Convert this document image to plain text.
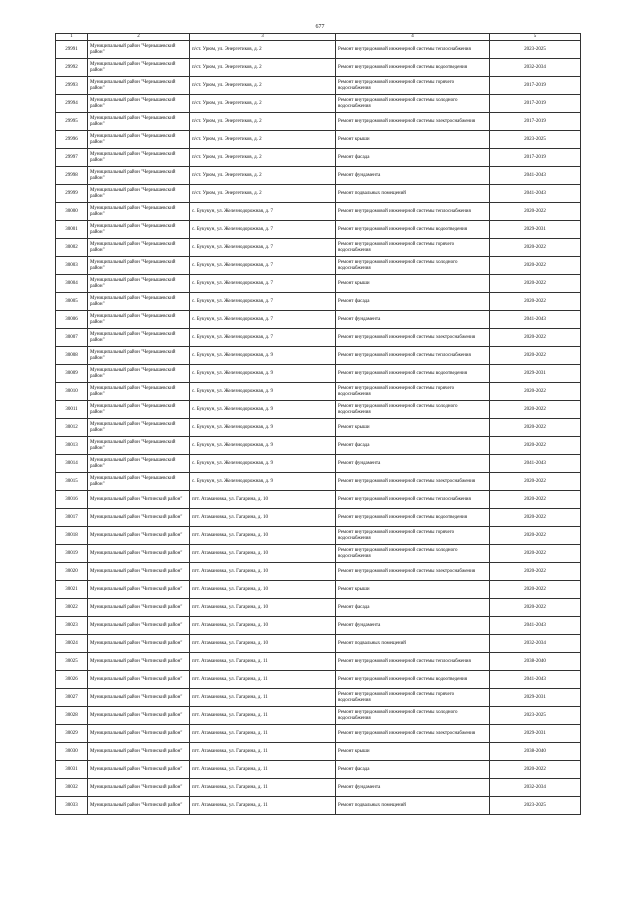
677
1	2	3	4	5
29991	Муниципальный район "Чернышевский район"	п/ст. Урюм, ул. Энергетиков, д. 2	Ремонт внутридомовой инженерной системы теплоснабжения	2023-2025
29992	Муниципальный район "Чернышевский район"	п/ст. Урюм, ул. Энергетиков, д. 2	Ремонт внутридомовой инженерной системы водоотведения	2032-2034
29993	Муниципальный район "Чернышевский район"	п/ст. Урюм, ул. Энергетиков, д. 2	Ремонт внутридомовой инженерной системы горячего водоснабжения	2017-2019
29994	Муниципальный район "Чернышевский район"	п/ст. Урюм, ул. Энергетиков, д. 2	Ремонт внутридомовой инженерной системы холодного водоснабжения	2017-2019
29995	Муниципальный район "Чернышевский район"	п/ст. Урюм, ул. Энергетиков, д. 2	Ремонт внутридомовой инженерной системы электроснабжения	2017-2019
29996	Муниципальный район "Чернышевский район"	п/ст. Урюм, ул. Энергетиков, д. 2	Ремонт крыши	2023-2025
29997	Муниципальный район "Чернышевский район"	п/ст. Урюм, ул. Энергетиков, д. 2	Ремонт фасада	2017-2019
29998	Муниципальный район "Чернышевский район"	п/ст. Урюм, ул. Энергетиков, д. 2	Ремонт фундамента	2041-2043
29999	Муниципальный район "Чернышевский район"	п/ст. Урюм, ул. Энергетиков, д. 2	Ремонт подвальных помещений	2041-2043
30000	Муниципальный район "Чернышевский район"	с. Букукун, ул. Железнодорожная, д. 7	Ремонт внутридомовой инженерной системы теплоснабжения	2020-2022
30001	Муниципальный район "Чернышевский район"	с. Букукун, ул. Железнодорожная, д. 7	Ремонт внутридомовой инженерной системы водоотведения	2029-2031
30002	Муниципальный район "Чернышевский район"	с. Букукун, ул. Железнодорожная, д. 7	Ремонт внутридомовой инженерной системы горячего водоснабжения	2020-2022
30003	Муниципальный район "Чернышевский район"	с. Букукун, ул. Железнодорожная, д. 7	Ремонт внутридомовой инженерной системы холодного водоснабжения	2020-2022
30004	Муниципальный район "Чернышевский район"	с. Букукун, ул. Железнодорожная, д. 7	Ремонт крыши	2020-2022
30005	Муниципальный район "Чернышевский район"	с. Букукун, ул. Железнодорожная, д. 7	Ремонт фасада	2020-2022
30006	Муниципальный район "Чернышевский район"	с. Букукун, ул. Железнодорожная, д. 7	Ремонт фундамента	2041-2043
30007	Муниципальный район "Чернышевский район"	с. Букукун, ул. Железнодорожная, д. 7	Ремонт внутридомовой инженерной системы электроснабжения	2020-2022
30008	Муниципальный район "Чернышевский район"	с. Букукун, ул. Железнодорожная, д. 9	Ремонт внутридомовой инженерной системы теплоснабжения	2020-2022
30009	Муниципальный район "Чернышевский район"	с. Букукун, ул. Железнодорожная, д. 9	Ремонт внутридомовой инженерной системы водоотведения	2029-2031
30010	Муниципальный район "Чернышевский район"	с. Букукун, ул. Железнодорожная, д. 9	Ремонт внутридомовой инженерной системы горячего водоснабжения	2020-2022
30011	Муниципальный район "Чернышевский район"	с. Букукун, ул. Железнодорожная, д. 9	Ремонт внутридомовой инженерной системы холодного водоснабжения	2020-2022
30012	Муниципальный район "Чернышевский район"	с. Букукун, ул. Железнодорожная, д. 9	Ремонт крыши	2020-2022
30013	Муниципальный район "Чернышевский район"	с. Букукун, ул. Железнодорожная, д. 9	Ремонт фасада	2020-2022
30014	Муниципальный район "Чернышевский район"	с. Букукун, ул. Железнодорожная, д. 9	Ремонт фундамента	2041-2043
30015	Муниципальный район "Чернышевский район"	с. Букукун, ул. Железнодорожная, д. 9	Ремонт внутридомовой инженерной системы электроснабжения	2020-2022
30016	Муниципальный район "Читинский район"	пгт. Атамановка, ул. Гагарина, д. 10	Ремонт внутридомовой инженерной системы теплоснабжения	2020-2022
30017	Муниципальный район "Читинский район"	пгт. Атамановка, ул. Гагарина, д. 10	Ремонт внутридомовой инженерной системы водоотведения	2020-2022
30018	Муниципальный район "Читинский район"	пгт. Атамановка, ул. Гагарина, д. 10	Ремонт внутридомовой инженерной системы горячего водоснабжения	2020-2022
30019	Муниципальный район "Читинский район"	пгт. Атамановка, ул. Гагарина, д. 10	Ремонт внутридомовой инженерной системы холодного водоснабжения	2020-2022
30020	Муниципальный район "Читинский район"	пгт. Атамановка, ул. Гагарина, д. 10	Ремонт внутридомовой инженерной системы электроснабжения	2020-2022
30021	Муниципальный район "Читинский район"	пгт. Атамановка, ул. Гагарина, д. 10	Ремонт крыши	2020-2022
30022	Муниципальный район "Читинский район"	пгт. Атамановка, ул. Гагарина, д. 10	Ремонт фасада	2020-2022
30023	Муниципальный район "Читинский район"	пгт. Атамановка, ул. Гагарина, д. 10	Ремонт фундамента	2041-2043
30024	Муниципальный район "Читинский район"	пгт. Атамановка, ул. Гагарина, д. 10	Ремонт подвальных помещений	2032-2034
30025	Муниципальный район "Читинский район"	пгт. Атамановка, ул. Гагарина, д. 11	Ремонт внутридомовой инженерной системы теплоснабжения	2038-2040
30026	Муниципальный район "Читинский район"	пгт. Атамановка, ул. Гагарина, д. 11	Ремонт внутридомовой инженерной системы водоотведения	2041-2043
30027	Муниципальный район "Читинский район"	пгт. Атамановка, ул. Гагарина, д. 11	Ремонт внутридомовой инженерной системы горячего водоснабжения	2029-2031
30028	Муниципальный район "Читинский район"	пгт. Атамановка, ул. Гагарина, д. 11	Ремонт внутридомовой инженерной системы холодного водоснабжения	2023-2025
30029	Муниципальный район "Читинский район"	пгт. Атамановка, ул. Гагарина, д. 11	Ремонт внутридомовой инженерной системы электроснабжения	2029-2031
30030	Муниципальный район "Читинский район"	пгт. Атамановка, ул. Гагарина, д. 11	Ремонт крыши	2038-2040
30031	Муниципальный район "Читинский район"	пгт. Атамановка, ул. Гагарина, д. 11	Ремонт фасада	2020-2022
30032	Муниципальный район "Читинский район"	пгт. Атамановка, ул. Гагарина, д. 11	Ремонт фундамента	2032-2034
30033	Муниципальный район "Читинский район"	пгт. Атамановка, ул. Гагарина, д. 11	Ремонт подвальных помещений	2023-2025
